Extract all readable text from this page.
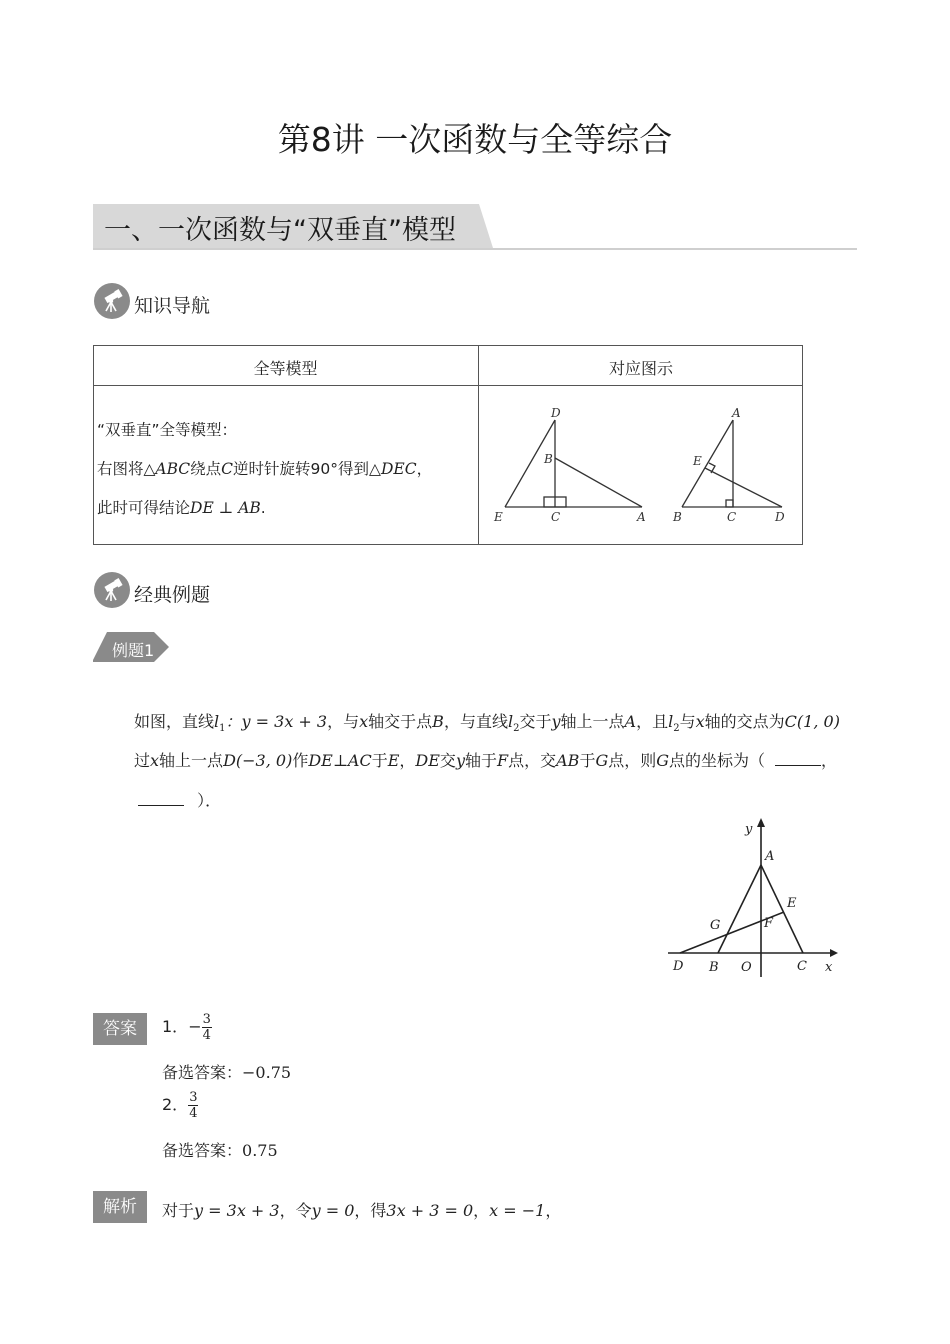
第8讲 一次函数与全等综合
一、一次函数与“双垂直”模型
知识导航
全等模型	对应图示
“双垂直”全等模型：
右图将△ABC绕点C逆时针旋转90°得到△DEC，
此时可得结论DE ⊥ AB.
D
B
E	C	A
A
E
B	C	D
经典例题
例题1
如图，直线$l_1$：y = 3x + 3，与x轴交于点B，与直线$l_2$交于y轴上一点A，且$l_2$与x轴的交点为C(1, 0)
过x轴上一点D(−3, 0)作DE⊥AC于E，DE交y轴于F点，交AB于G点，则G点的坐标为（	，
）．
y
A
E
G	F
D B O	C x
答案	1．− $\frac{3}{4}$
备选答案：−0.75
2． $\frac{3}{4}$
备选答案：0.75
解析	对于y = 3x + 3，令y = 0，得3x + 3 = 0，x = −1，
